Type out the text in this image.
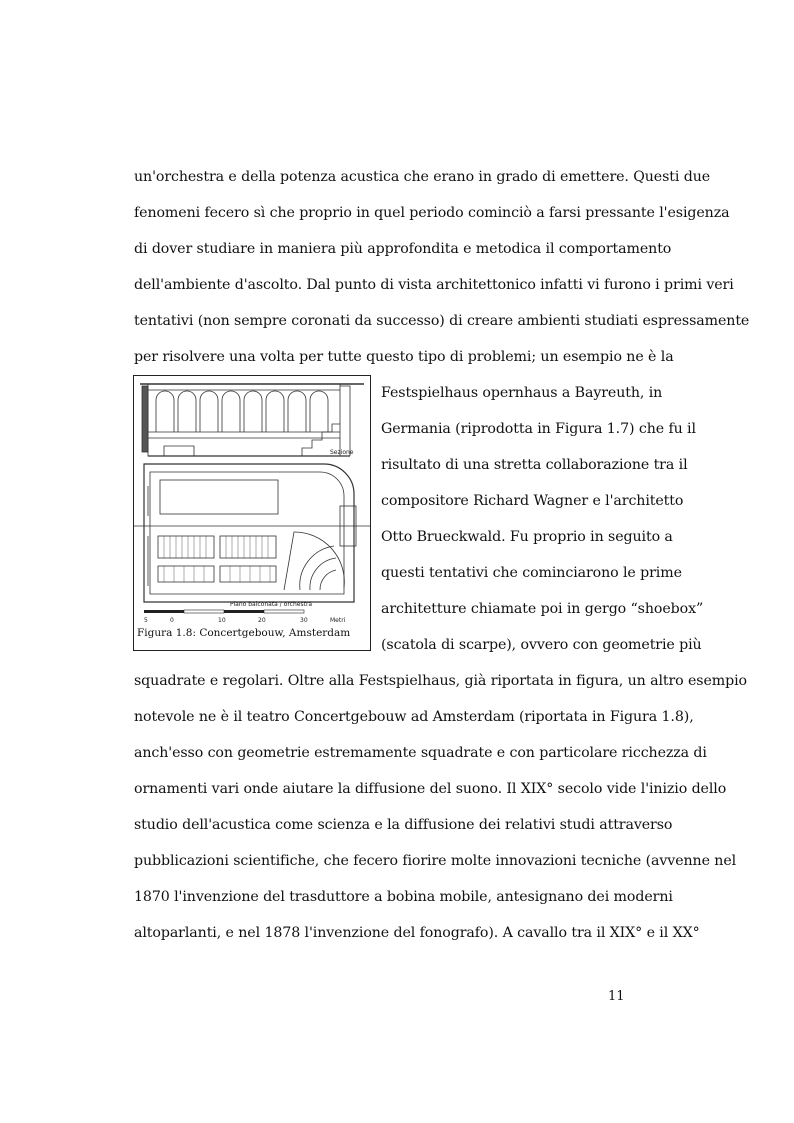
un'orchestra e della potenza acustica che erano in grado di emettere. Questi due
fenomeni fecero sì che proprio in quel periodo cominciò a farsi pressante l'esigenza
di dover studiare in maniera più approfondita e metodica il comportamento
dell'ambiente d'ascolto. Dal punto di vista architettonico infatti vi furono i primi veri
tentativi (non sempre coronati da successo) di creare ambienti studiati espressamente
per risolvere una volta per tutte questo tipo di problemi; un esempio ne è la
Sezione
Piano balconata / orchestra
5	0	10	20	30	Metri
Figura 1.8: Concertgebouw, Amsterdam
Festspielhaus opernhaus a Bayreuth, in
Germania (riprodotta in Figura 1.7) che fu il
risultato di una stretta collaborazione tra il
compositore Richard Wagner e l'architetto
Otto Brueckwald. Fu proprio in seguito a
questi tentativi che cominciarono le prime
architetture chiamate poi in gergo “shoebox”
(scatola di scarpe), ovvero con geometrie più
squadrate e regolari. Oltre alla Festspielhaus, già riportata in figura, un altro esempio
notevole ne è il teatro Concertgebouw ad Amsterdam (riportata in Figura 1.8),
anch'esso con geometrie estremamente squadrate e con particolare ricchezza di
ornamenti vari onde aiutare la diffusione del suono. Il XIX° secolo vide l'inizio dello
studio dell'acustica come scienza e la diffusione dei relativi studi attraverso
pubblicazioni scientifiche, che fecero fiorire molte innovazioni tecniche (avvenne nel
1870 l'invenzione del trasduttore a bobina mobile, antesignano dei moderni
altoparlanti, e nel 1878 l'invenzione del fonografo). A cavallo tra il XIX° e il XX°
11
